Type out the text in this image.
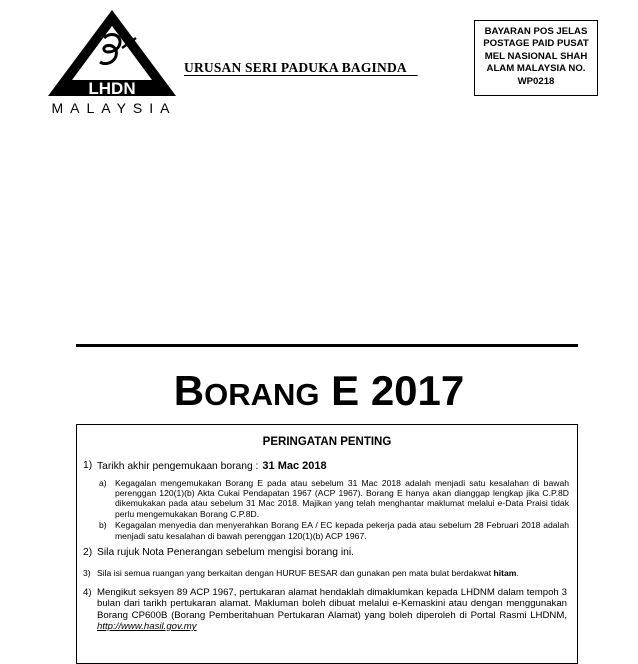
LHDN
MALAYSIA
URUSAN SERI PADUKA BAGINDA
BAYARAN POS JELAS
POSTAGE PAID PUSAT
MEL NASIONAL SHAH
ALAM MALAYSIA NO.
WP0218
BORANG E 2017
PERINGATAN PENTING
1) Tarikh akhir pengemukaan borang : 31 Mac 2018
a) Kegagalan mengemukakan Borang E pada atau sebelum 31 Mac 2018 adalah menjadi satu kesalahan di bawah perenggan 120(1)(b) Akta Cukai Pendapatan 1967 (ACP 1967). Borang E hanya akan dianggap lengkap jika C.P.8D dikemukakan pada atau sebelum 31 Mac 2018. Majikan yang telah menghantar maklumat melalui e-Data Praisi tidak perlu mengemukakan Borang C.P.8D.
b) Kegagalan menyedia dan menyerahkan Borang EA / EC kepada pekerja pada atau sebelum 28 Februari 2018 adalah menjadi satu kesalahan di bawah perenggan 120(1)(b) ACP 1967.
2) Sila rujuk Nota Penerangan sebelum mengisi borang ini.
3) Sila isi semua ruangan yang berkaitan dengan HURUF BESAR dan gunakan pen mata bulat berdakwat hitam.
4) Mengikut seksyen 89 ACP 1967, pertukaran alamat hendaklah dimaklumkan kepada LHDNM dalam tempoh 3 bulan dari tarikh pertukaran alamat. Makluman boleh dibuat melalui e-Kemaskini atau dengan menggunakan Borang CP600B (Borang Pemberitahuan Pertukaran Alamat) yang boleh diperoleh di Portal Rasmi LHDNM, http://www.hasil.gov.my
